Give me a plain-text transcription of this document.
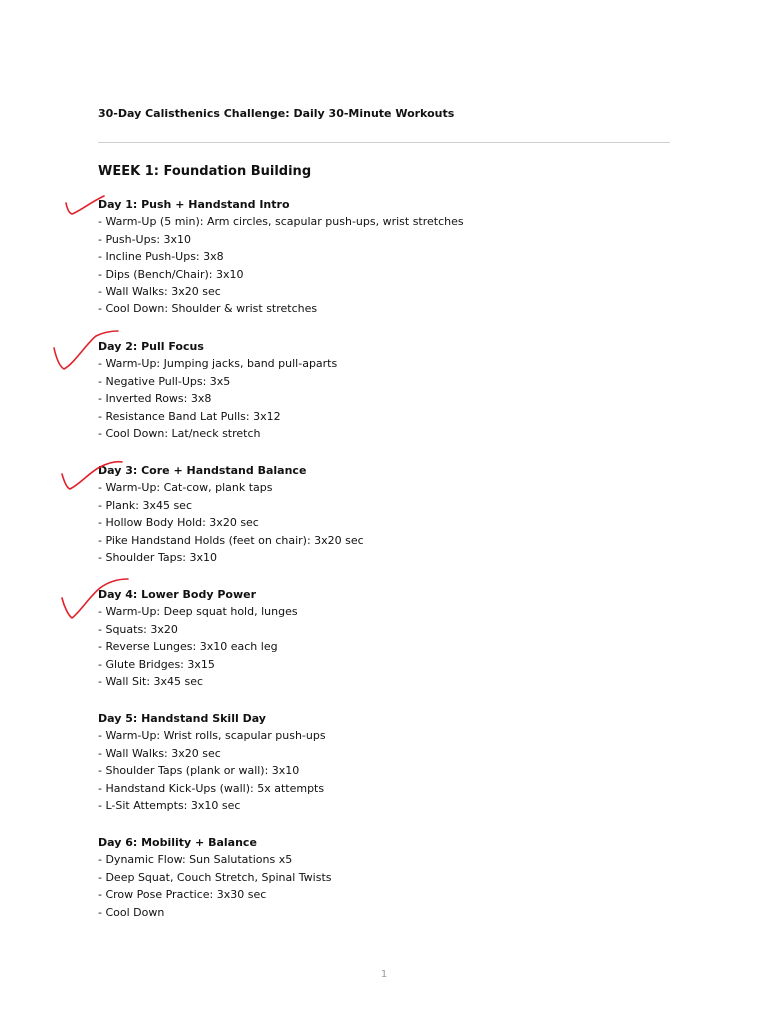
30-Day Calisthenics Challenge: Daily 30-Minute Workouts
WEEK 1: Foundation Building
Day 1: Push + Handstand Intro
- Warm-Up (5 min): Arm circles, scapular push-ups, wrist stretches
- Push-Ups: 3x10
- Incline Push-Ups: 3x8
- Dips (Bench/Chair): 3x10
- Wall Walks: 3x20 sec
- Cool Down: Shoulder & wrist stretches
Day 2: Pull Focus
- Warm-Up: Jumping jacks, band pull-aparts
- Negative Pull-Ups: 3x5
- Inverted Rows: 3x8
- Resistance Band Lat Pulls: 3x12
- Cool Down: Lat/neck stretch
Day 3: Core + Handstand Balance
- Warm-Up: Cat-cow, plank taps
- Plank: 3x45 sec
- Hollow Body Hold: 3x20 sec
- Pike Handstand Holds (feet on chair): 3x20 sec
- Shoulder Taps: 3x10
Day 4: Lower Body Power
- Warm-Up: Deep squat hold, lunges
- Squats: 3x20
- Reverse Lunges: 3x10 each leg
- Glute Bridges: 3x15
- Wall Sit: 3x45 sec
Day 5: Handstand Skill Day
- Warm-Up: Wrist rolls, scapular push-ups
- Wall Walks: 3x20 sec
- Shoulder Taps (plank or wall): 3x10
- Handstand Kick-Ups (wall): 5x attempts
- L-Sit Attempts: 3x10 sec
Day 6: Mobility + Balance
- Dynamic Flow: Sun Salutations x5
- Deep Squat, Couch Stretch, Spinal Twists
- Crow Pose Practice: 3x30 sec
- Cool Down
1
